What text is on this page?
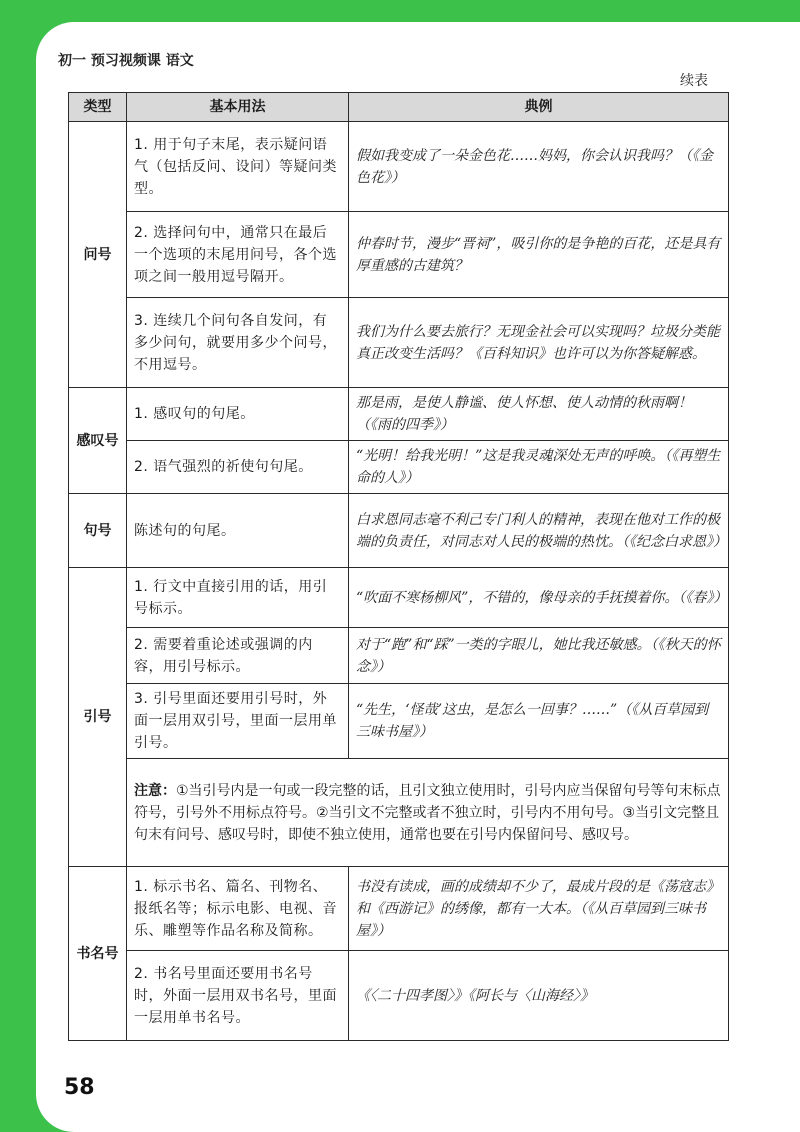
初一 预习视频课 语文
续表
类型	基本用法	典例
问号	1. 用于句子末尾，表示疑问语气（包括反问、设问）等疑问类型。	假如我变成了一朵金色花……妈妈，你会认识我吗？（《金色花》）
	2. 选择问句中，通常只在最后一个选项的末尾用问号，各个选项之间一般用逗号隔开。	仲春时节，漫步“晋祠”，吸引你的是争艳的百花，还是具有厚重感的古建筑？
	3. 连续几个问句各自发问，有多少问句，就要用多少个问号，不用逗号。	我们为什么要去旅行？无现金社会可以实现吗？垃圾分类能真正改变生活吗？《百科知识》也许可以为你答疑解惑。
感叹号	1. 感叹句的句尾。	那是雨，是使人静谧、使人怀想、使人动情的秋雨啊！（《雨的四季》）
	2. 语气强烈的祈使句句尾。	“光明！给我光明！”这是我灵魂深处无声的呼唤。（《再塑生命的人》）
句号	陈述句的句尾。	白求恩同志毫不利己专门利人的精神，表现在他对工作的极端的负责任，对同志对人民的极端的热忱。（《纪念白求恩》）
引号	1. 行文中直接引用的话，用引号标示。	“吹面不寒杨柳风”，不错的，像母亲的手抚摸着你。（《春》）
	2. 需要着重论述或强调的内容，用引号标示。	对于“跑”和“踩”一类的字眼儿，她比我还敏感。（《秋天的怀念》）
	3. 引号里面还要用引号时，外面一层用双引号，里面一层用单引号。	“先生，‘怪哉’这虫，是怎么一回事？……”（《从百草园到三味书屋》）
	注意：①当引号内是一句或一段完整的话，且引文独立使用时，引号内应当保留句号等句末标点符号，引号外不用标点符号。②当引文不完整或者不独立时，引号内不用句号。③当引文完整且句末有问号、感叹号时，即使不独立使用，通常也要在引号内保留问号、感叹号。	
书名号	1. 标示书名、篇名、刊物名、报纸名等；标示电影、电视、音乐、雕塑等作品名称及简称。	书没有读成，画的成绩却不少了，最成片段的是《荡寇志》和《西游记》的绣像，都有一大本。（《从百草园到三味书屋》）
	2. 书名号里面还要用书名号时，外面一层用双书名号，里面一层用单书名号。	《〈二十四孝图〉》《阿长与〈山海经〉》
58
